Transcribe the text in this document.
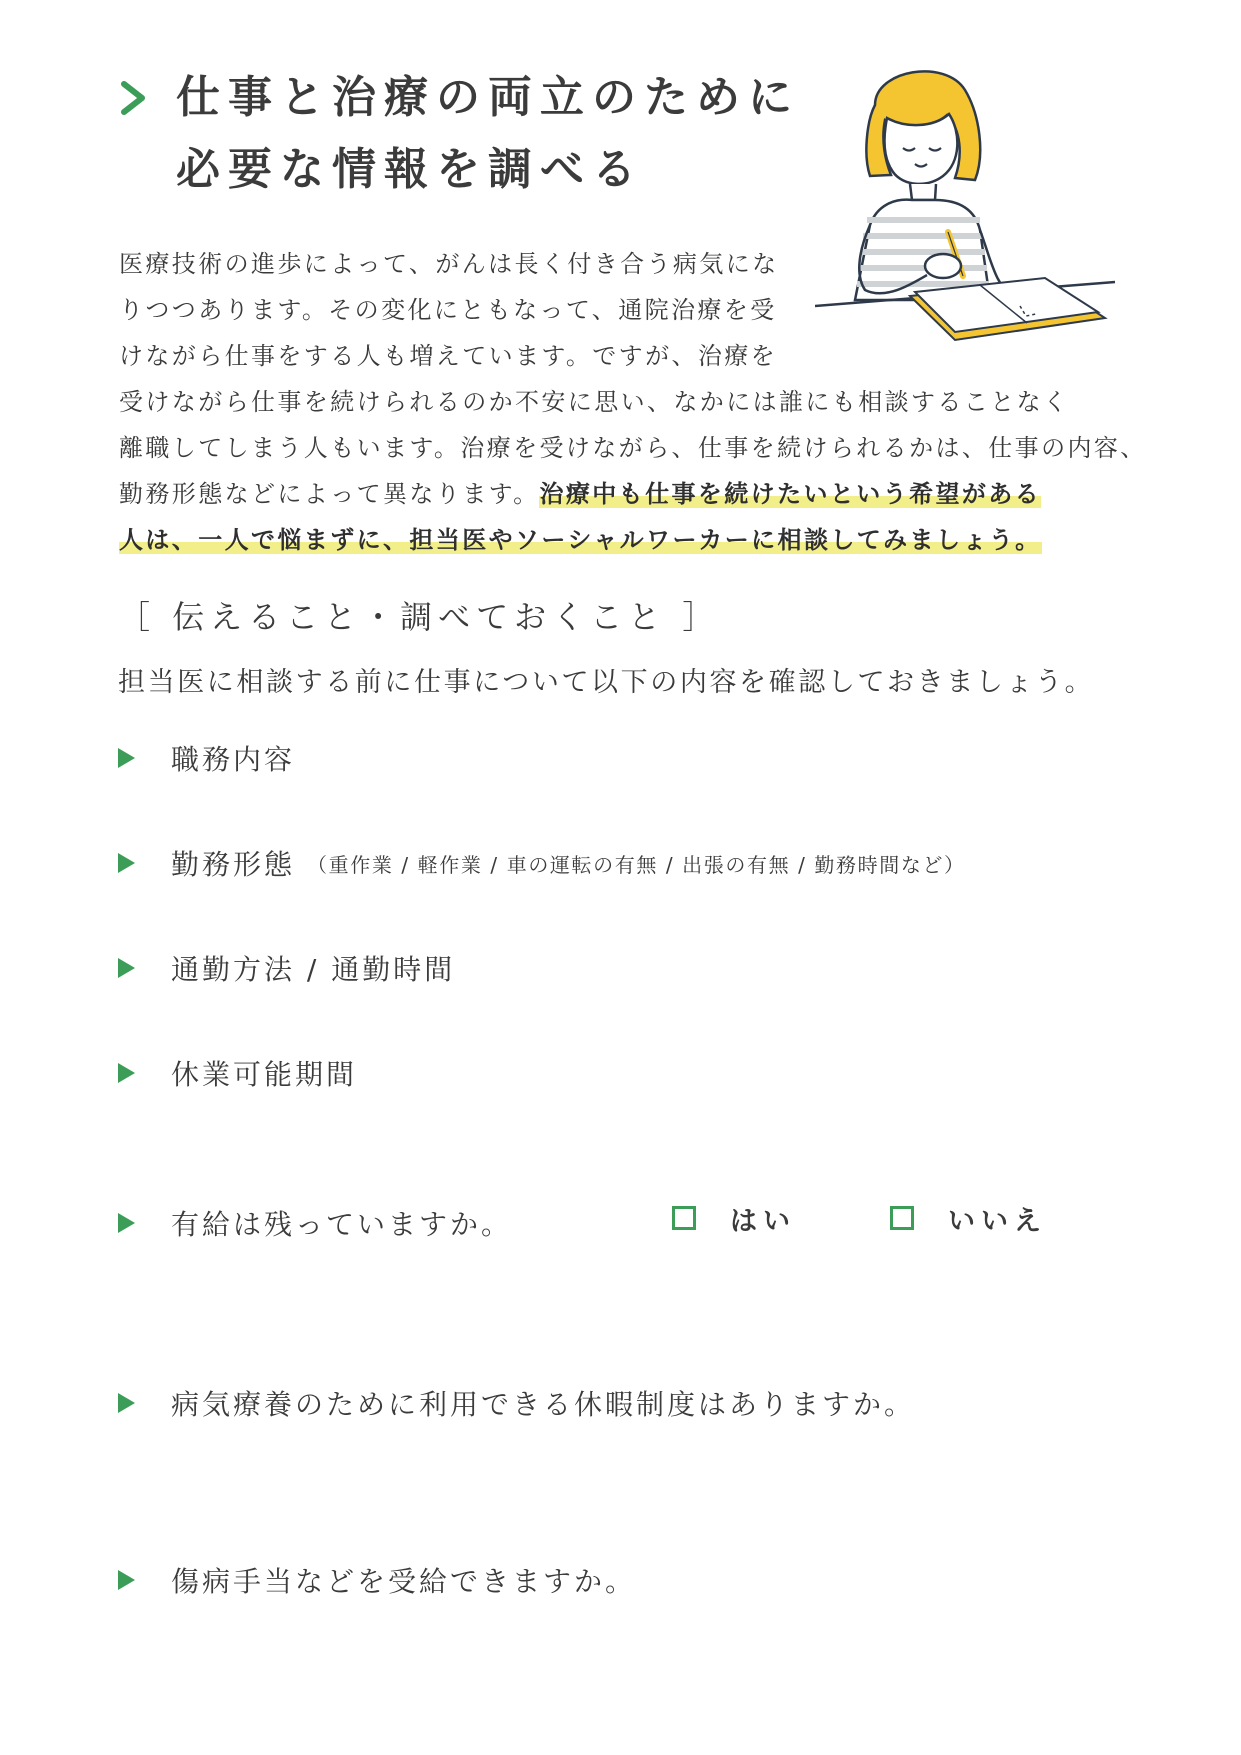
仕事と治療の両立のために
必要な情報を調べる
医療技術の進歩によって、がんは長く付き合う病気にな
りつつあります。その変化にともなって、通院治療を受
けながら仕事をする人も増えています。ですが、治療を
受けながら仕事を続けられるのか不安に思い、なかには誰にも相談することなく
離職してしまう人もいます。治療を受けながら、仕事を続けられるかは、仕事の内容、
勤務形態などによって異なります。治療中も仕事を続けたいという希望がある
人は、一人で悩まずに、担当医やソーシャルワーカーに相談してみましょう。
［ 伝えること・調べておくこと ］
担当医に相談する前に仕事について以下の内容を確認しておきましょう。
職務内容
勤務形態 （重作業 / 軽作業 / 車の運転の有無 / 出張の有無 / 勤務時間など）
通勤方法 / 通勤時間
休業可能期間
有給は残っていますか。	はい	いいえ
病気療養のために利用できる休暇制度はありますか。
傷病手当などを受給できますか。
